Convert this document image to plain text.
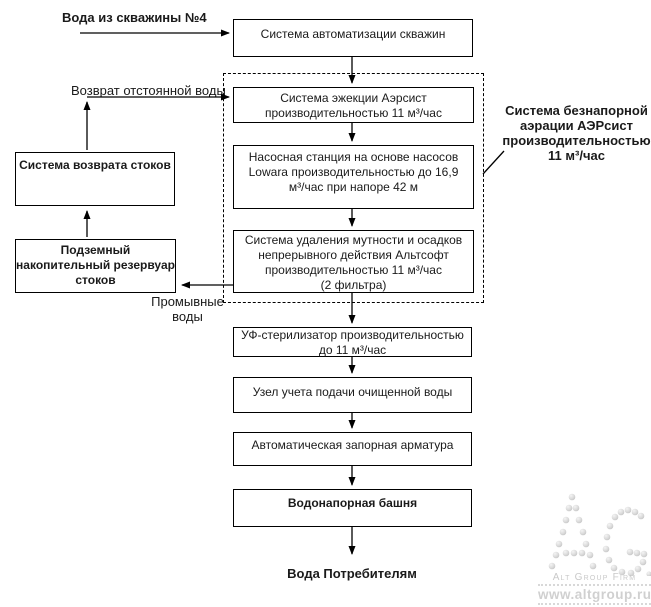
Система автоматизации скважин
Система эжекции Аэрсист
производительностью 11 м³/час
Насосная станция на основе насосов
Lowara производительностью до 16,9
м³/час при напоре 42 м
Система удаления мутности и осадков
непрерывного действия Альтсофт
производительностью 11 м³/час
(2 фильтра)
УФ-стерилизатор производительностью
до 11 м³/час
Узел учета подачи очищенной воды
Автоматическая запорная арматура
Водонапорная башня
Система возврата стоков
Подземный
накопительный резервуар
стоков
Вода из скважины №4
Возврат отстоянной воды
Промывные
воды
Вода Потребителям
Система безнапорной
аэрации АЭРсист
производительностью
11 м³/час
Alt Group Firm
www.altgroup.ru
